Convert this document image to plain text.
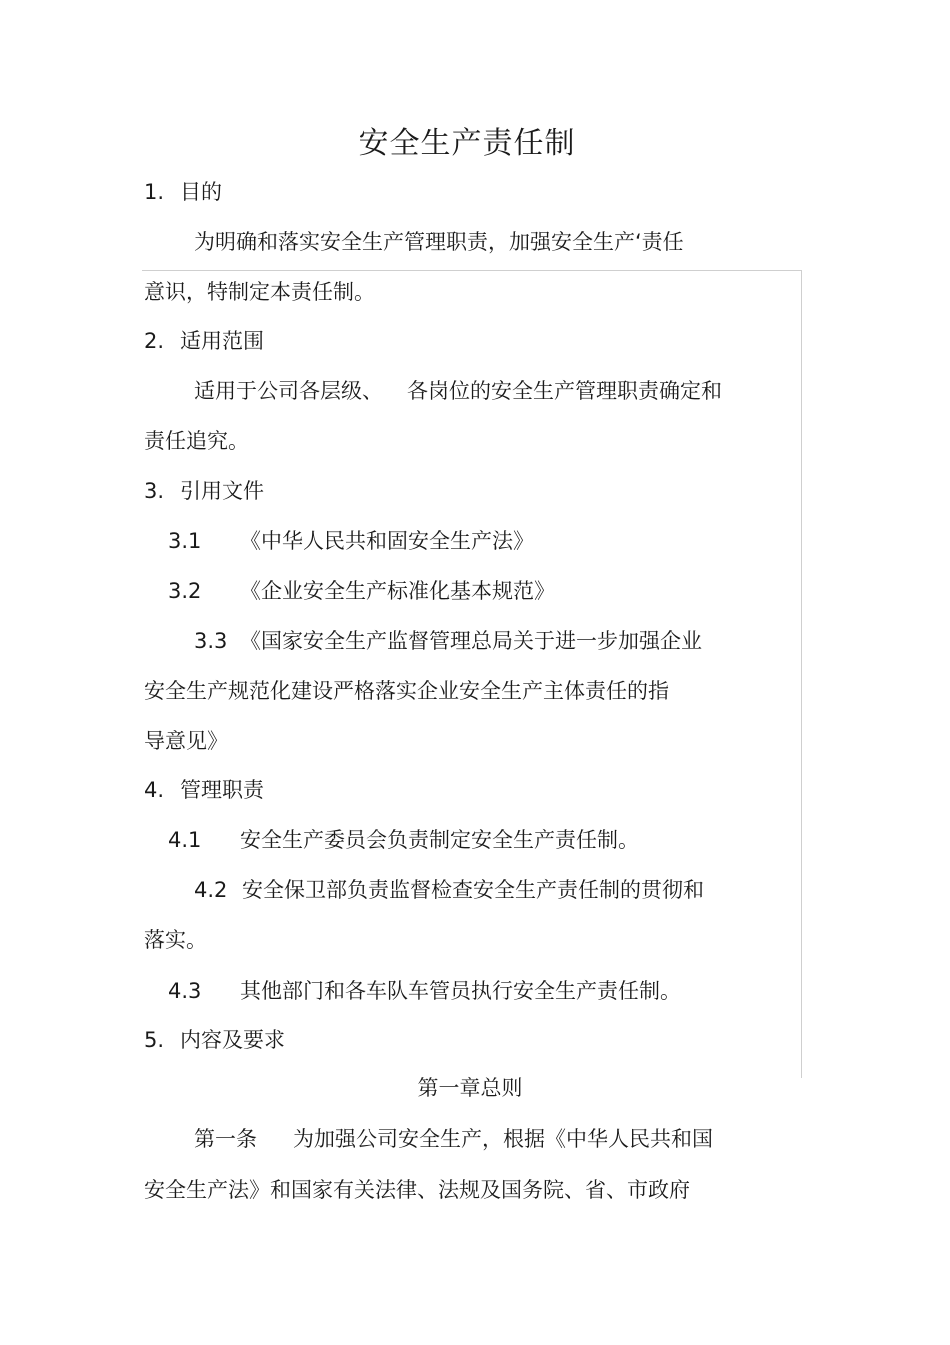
安全生产责任制
1. 目的
为明确和落实安全生产管理职责，加强安全生产‘责任
意识，特制定本责任制。
2. 适用范围
适用于公司各层级、 各岗位的安全生产管理职责确定和
责任追究。
3. 引用文件
3.1 《中华人民共和固安全生产法》
3.2 《企业安全生产标准化基本规范》
3.3 《国家安全生产监督管理总局关于进一步加强企业
安全生产规范化建设严格落实企业安全生产主体责任的指
导意见》
4. 管理职责
4.1 安全生产委员会负责制定安全生产责任制。
4.2 安全保卫部负责监督检查安全生产责任制的贯彻和
落实。
4.3 其他部门和各车队车管员执行安全生产责任制。
5. 内容及要求
第一章总则
第一条 为加强公司安全生产，根据《中华人民共和国
安全生产法》和国家有关法律、法规及国务院、省、市政府
